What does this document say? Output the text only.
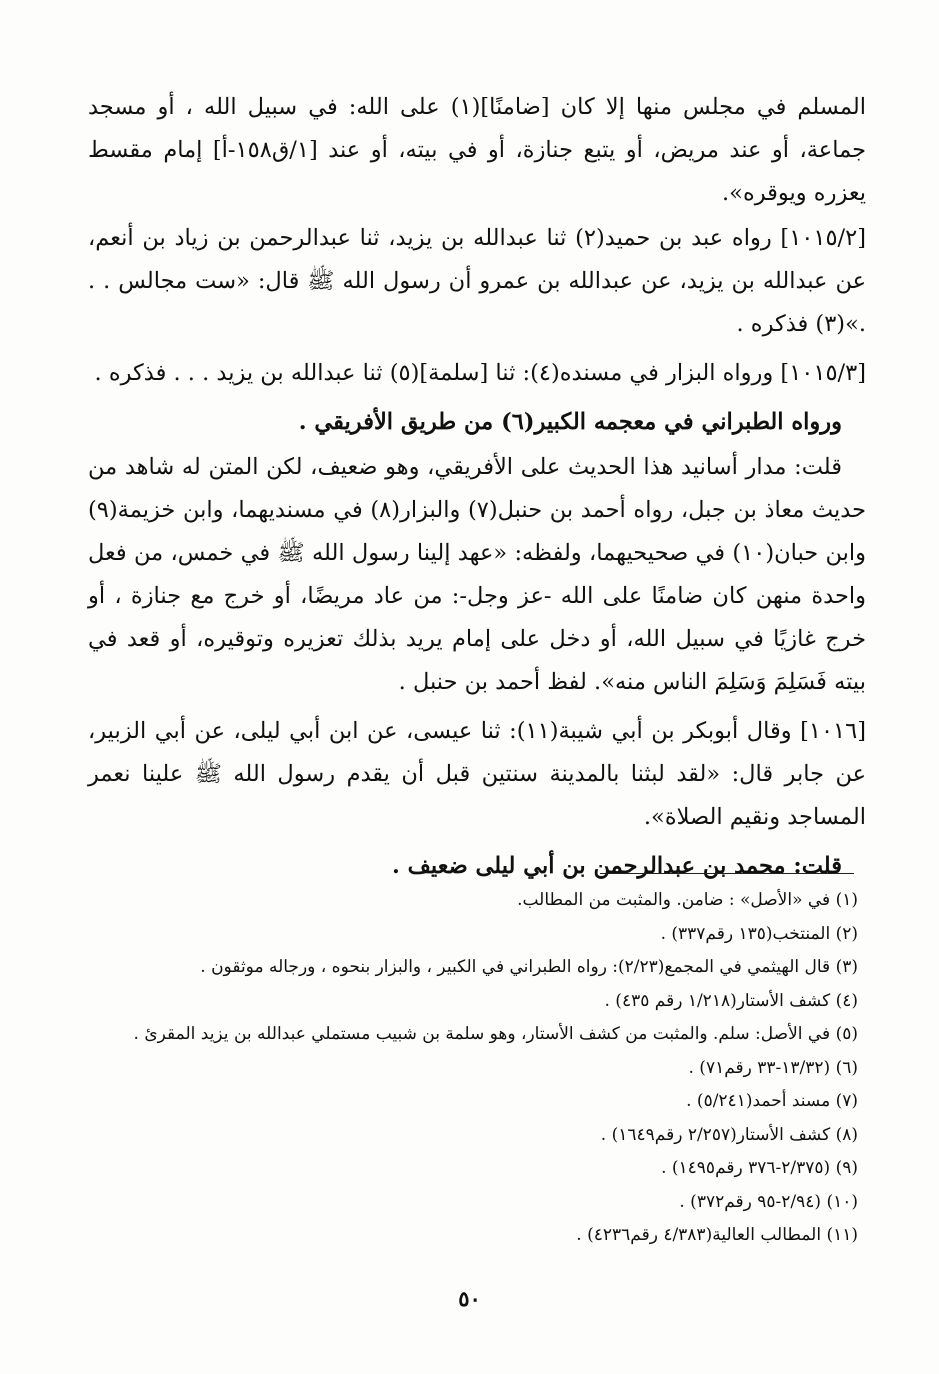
المسلم في مجلس منها إلا كان [ضامنًا](١) على الله: في سبيل الله ، أو مسجد جماعة، أو عند مريض، أو يتبع جنازة، أو في بيته، أو عند [١/ق١٥٨-أ] إمام مقسط يعزره ويوقره».

[١٠١٥/٢] رواه عبد بن حميد(٢) ثنا عبدالله بن يزيد، ثنا عبدالرحمن بن زياد بن أنعم، عن عبدالله بن يزيد، عن عبدالله بن عمرو أن رسول الله ﷺ قال: «ست مجالس . . .»(٣) فذكره .

[١٠١٥/٣] ورواه البزار في مسنده(٤): ثنا [سلمة](٥) ثنا عبدالله بن يزيد . . . فذكره .

ورواه الطبراني في معجمه الكبير(٦) من طريق الأفريقي .

قلت: مدار أسانيد هذا الحديث على الأفريقي، وهو ضعيف، لكن المتن له شاهد من حديث معاذ بن جبل، رواه أحمد بن حنبل(٧) والبزار(٨) في مسنديهما، وابن خزيمة(٩) وابن حبان(١٠) في صحيحيهما، ولفظه: «عهد إلينا رسول الله ﷺ في خمس، من فعل واحدة منهن كان ضامنًا على الله -عز وجل-: من عاد مريضًا، أو خرج مع جنازة ، أو خرج غازيًا في سبيل الله، أو دخل على إمام يريد بذلك تعزيره وتوقيره، أو قعد في بيته فَسَلِمَ وَسَلِمَ الناس منه». لفظ أحمد بن حنبل .

[١٠١٦] وقال أبوبكر بن أبي شيبة(١١): ثنا عيسى، عن ابن أبي ليلى، عن أبي الزبير، عن جابر قال: «لقد لبثنا بالمدينة سنتين قبل أن يقدم رسول الله ﷺ علينا نعمر المساجد ونقيم الصلاة».

قلت: محمد بن عبدالرحمن بن أبي ليلى ضعيف .

(١) في «الأصل» : ضامن. والمثبت من المطالب.
(٢) المنتخب(١٣٥ رقم٣٣٧) .
(٣) قال الهيثمي في المجمع(٢/٢٣): رواه الطبراني في الكبير ، والبزار بنحوه ، ورجاله موثقون .
(٤) كشف الأستار(١/٢١٨ رقم ٤٣٥) .
(٥) في الأصل: سلم. والمثبت من كشف الأستار، وهو سلمة بن شبيب مستملي عبدالله بن يزيد المقرئ .
(٦) (١٣/٣٢-٣٣ رقم٧١) .
(٧) مسند أحمد(٥/٢٤١) .
(٨) كشف الأستار(٢/٢٥٧ رقم١٦٤٩) .
(٩) (٢/٣٧٥-٣٧٦ رقم١٤٩٥) .
(١٠) (٢/٩٤-٩٥ رقم٣٧٢) .
(١١) المطالب العالية(٤/٣٨٣ رقم٤٢٣٦) .
٥٠
